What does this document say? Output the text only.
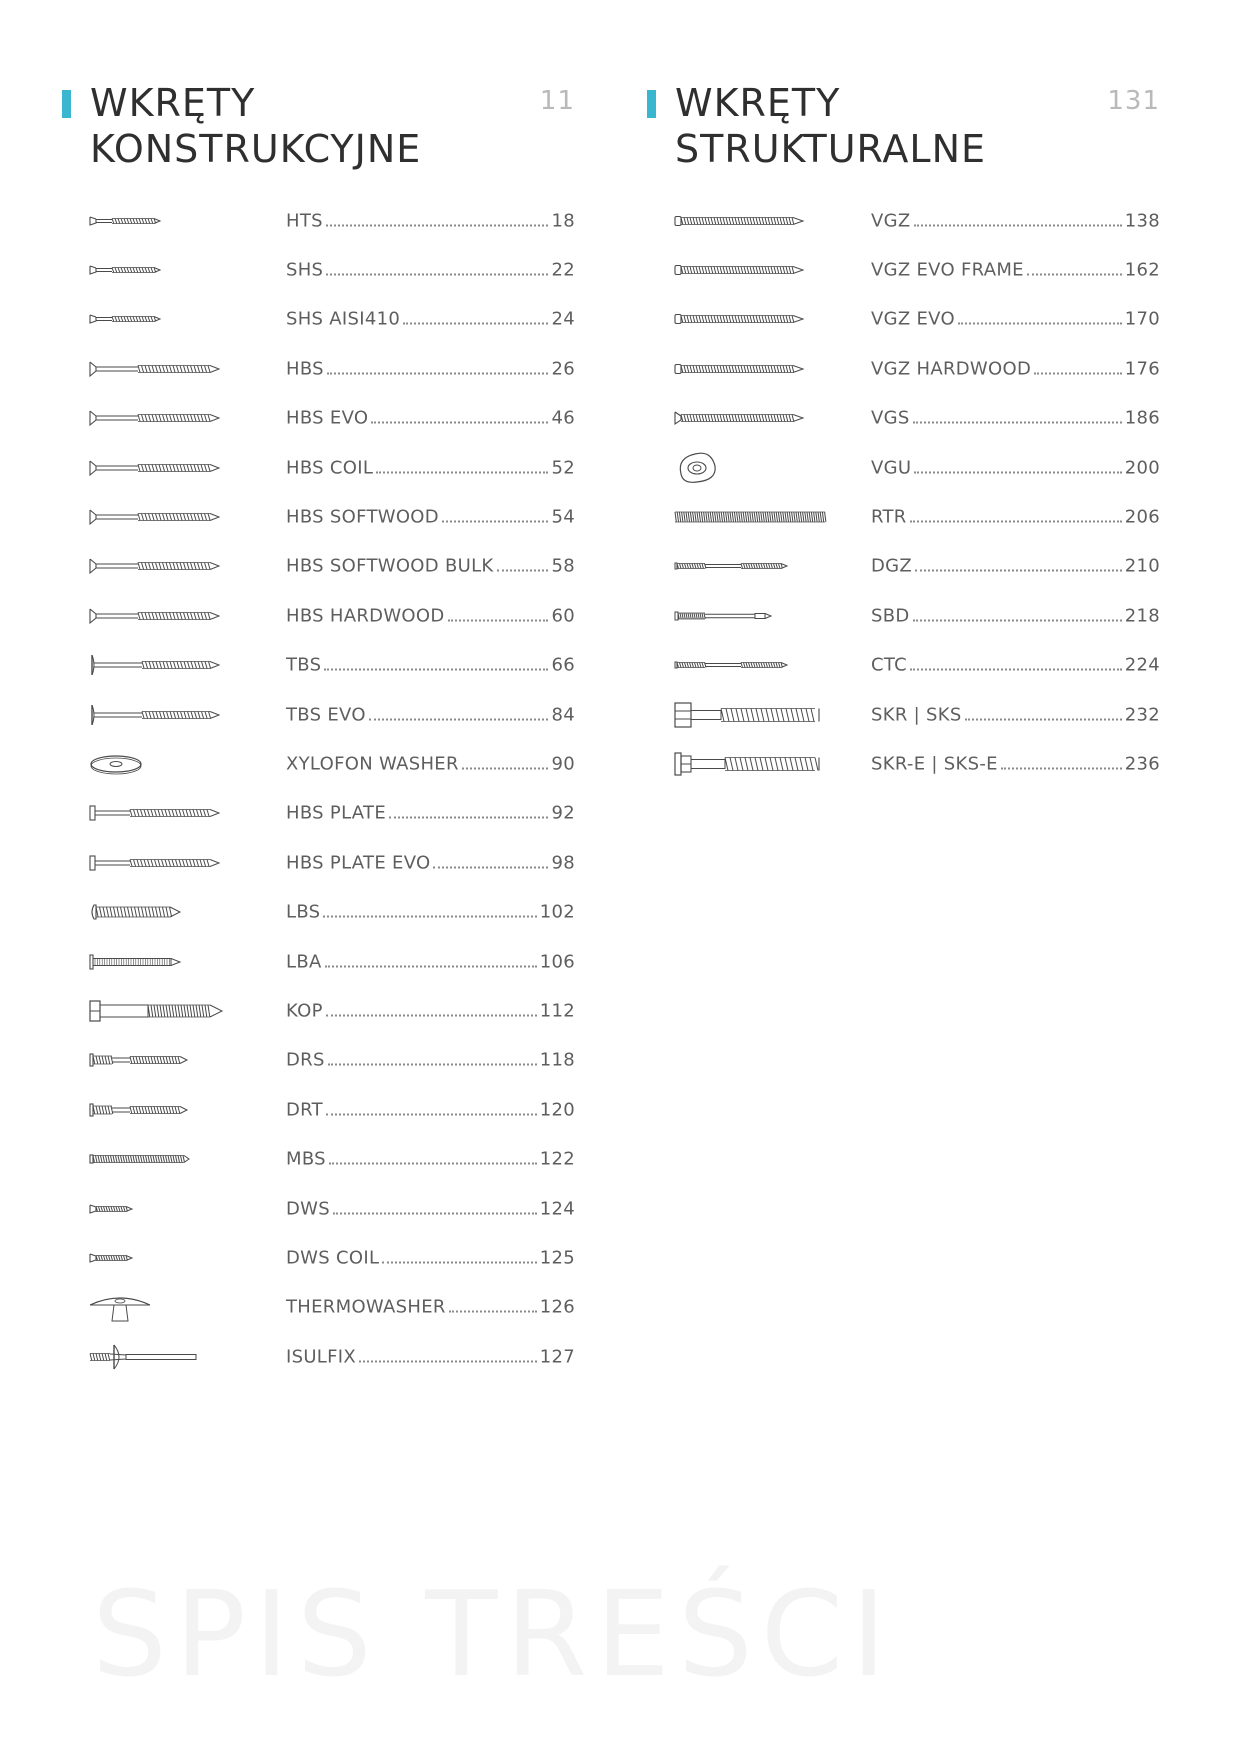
WKRĘTY
KONSTRUKCYJNE
11
HTS	18
SHS	22
SHS AISI410	24
HBS	26
HBS EVO	46
HBS COIL	52
HBS SOFTWOOD	54
HBS SOFTWOOD BULK	58
HBS HARDWOOD	60
TBS	66
TBS EVO	84
XYLOFON WASHER	90
HBS PLATE	92
HBS PLATE EVO	98
LBS	102
LBA	106
KOP	112
DRS	118
DRT	120
MBS	122
DWS	124
DWS COIL	125
THERMOWASHER	126
ISULFIX	127
WKRĘTY
STRUKTURALNE
131
VGZ	138
VGZ EVO FRAME	162
VGZ EVO	170
VGZ HARDWOOD	176
VGS	186
VGU	200
RTR	206
DGZ	210
SBD	218
CTC	224
SKR | SKS	232
SKR-E | SKS-E	236
SPIS TREŚCI
